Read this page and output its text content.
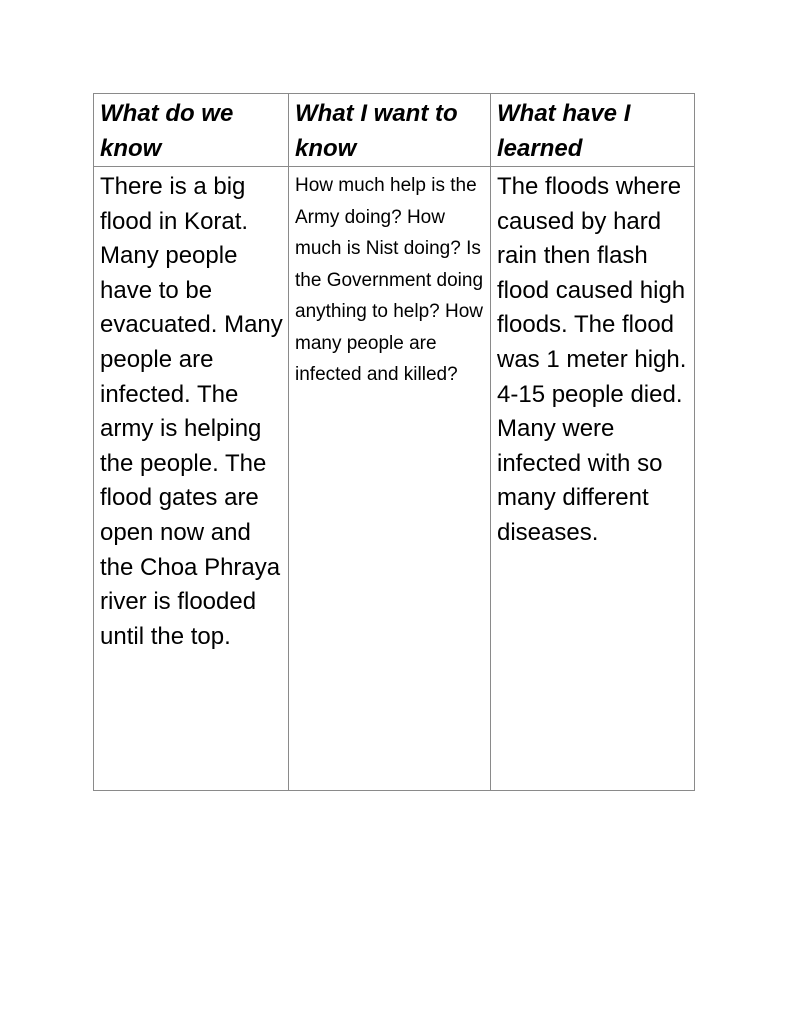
What do we know	What I want to know	What have I learned
There is a big flood in Korat. Many people have to be evacuated. Many people are infected. The army is helping the people. The flood gates are open now and the Choa Phraya river is flooded until the top.	How much help is the Army doing? How much is Nist doing? Is the Government doing anything to help? How many people are infected and killed?	The floods where caused by hard rain then flash flood caused high floods. The flood was 1 meter high. 4-15 people died. Many were infected with so many different diseases.
